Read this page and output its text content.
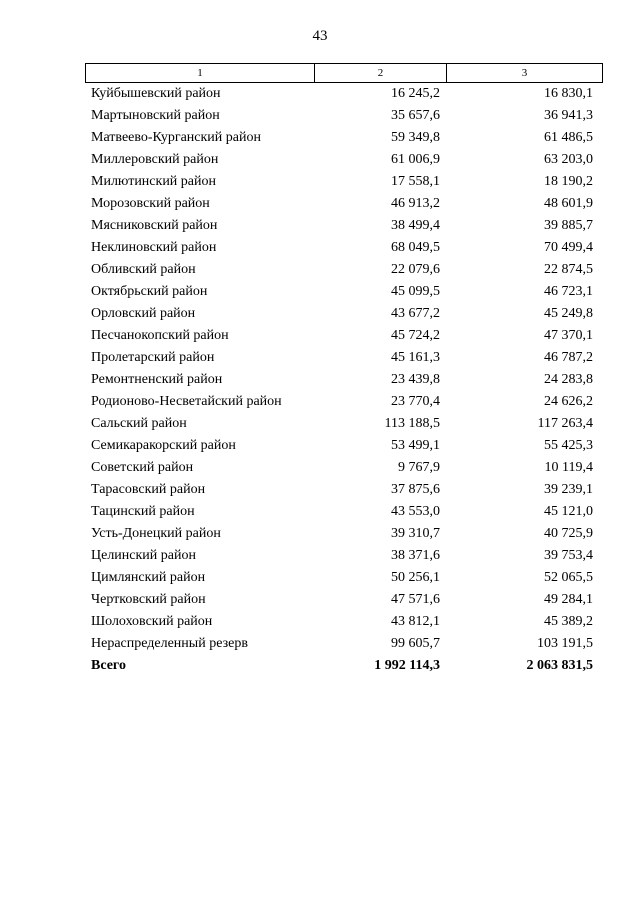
43
1	2	3
Куйбышевский район	16 245,2	16 830,1
Мартыновский район	35 657,6	36 941,3
Матвеево-Курганский район	59 349,8	61 486,5
Миллеровский район	61 006,9	63 203,0
Милютинский район	17 558,1	18 190,2
Морозовский район	46 913,2	48 601,9
Мясниковский район	38 499,4	39 885,7
Неклиновский район	68 049,5	70 499,4
Обливский район	22 079,6	22 874,5
Октябрьский район	45 099,5	46 723,1
Орловский район	43 677,2	45 249,8
Песчанокопский район	45 724,2	47 370,1
Пролетарский район	45 161,3	46 787,2
Ремонтненский район	23 439,8	24 283,8
Родионово-Несветайский район	23 770,4	24 626,2
Сальский район	113 188,5	117 263,4
Семикаракорский район	53 499,1	55 425,3
Советский район	9 767,9	10 119,4
Тарасовский район	37 875,6	39 239,1
Тацинский район	43 553,0	45 121,0
Усть-Донецкий район	39 310,7	40 725,9
Целинский район	38 371,6	39 753,4
Цимлянский район	50 256,1	52 065,5
Чертковский район	47 571,6	49 284,1
Шолоховский район	43 812,1	45 389,2
Нераспределенный резерв	99 605,7	103 191,5
Всего	1 992 114,3	2 063 831,5
